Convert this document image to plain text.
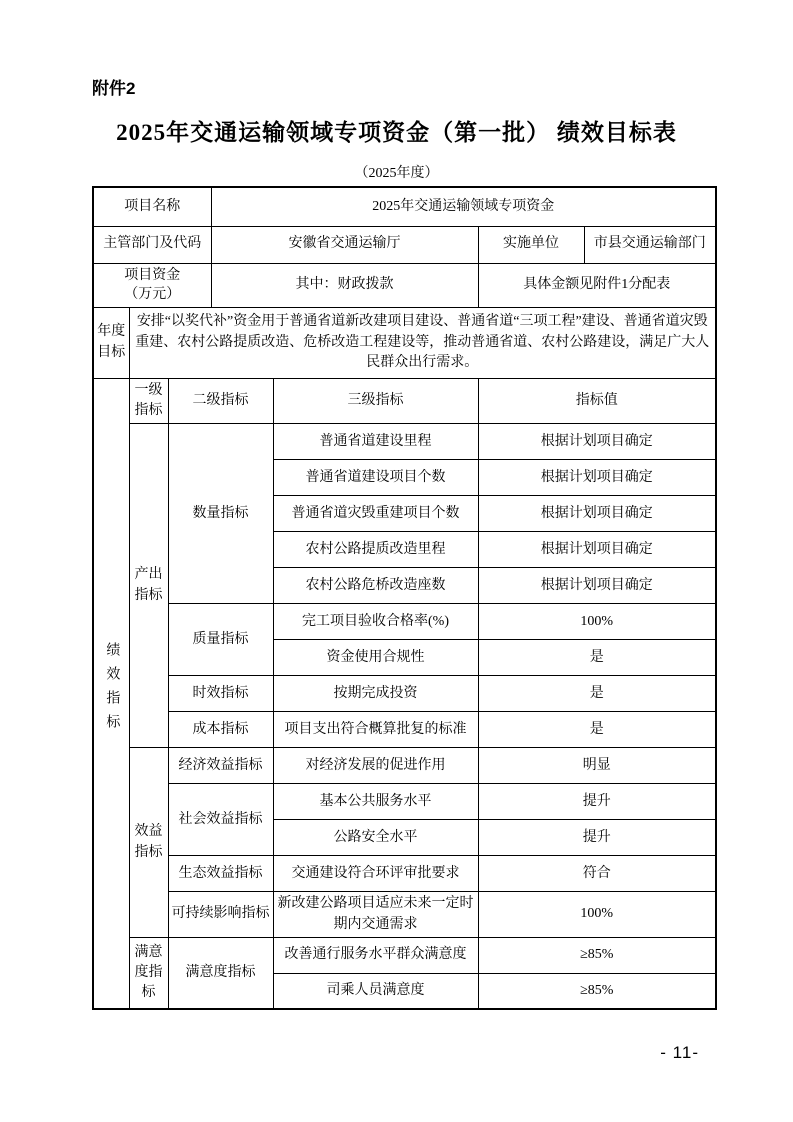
附件2
2025年交通运输领域专项资金（第一批） 绩效目标表
（2025年度）
项目名称			2025年交通运输领域专项资金			
主管部门及代码			安徽省交通运输厅		实施单位	市县交通运输部门

项目资金
（万元）			其中：财政拨款		具体金额见附件1分配表	
年度目标	安排“以奖代补”资金用于普通省道新改建项目建设、普通省道“三项工程”建设、普通省道灾毁重建、农村公路提质改造、危桥改造工程建设等，推动普通省道、农村公路建设，满足广大人民群众出行需求。					
绩效指标	一级指标	二级指标		三级指标	指标值	
	产出指标	数量指标		普通省道建设里程	根据计划项目确定	
				普通省道建设项目个数	根据计划项目确定	
				普通省道灾毁重建项目个数	根据计划项目确定	
				农村公路提质改造里程	根据计划项目确定	
				农村公路危桥改造座数	根据计划项目确定	
		质量指标		完工项目验收合格率(%)	100%	
				资金使用合规性	是	
		时效指标		按期完成投资	是	
		成本指标		项目支出符合概算批复的标准	是	
	效益指标	经济效益指标		对经济发展的促进作用	明显	
		社会效益指标		基本公共服务水平	提升	
				公路安全水平	提升	
		生态效益指标		交通建设符合环评审批要求	符合	
		可持续影响指标		新改建公路项目适应未来一定时期内交通需求	100%	
	满意度指标	满意度指标		改善通行服务水平群众满意度	≥85%	
				司乘人员满意度	≥85%	
- 11-
